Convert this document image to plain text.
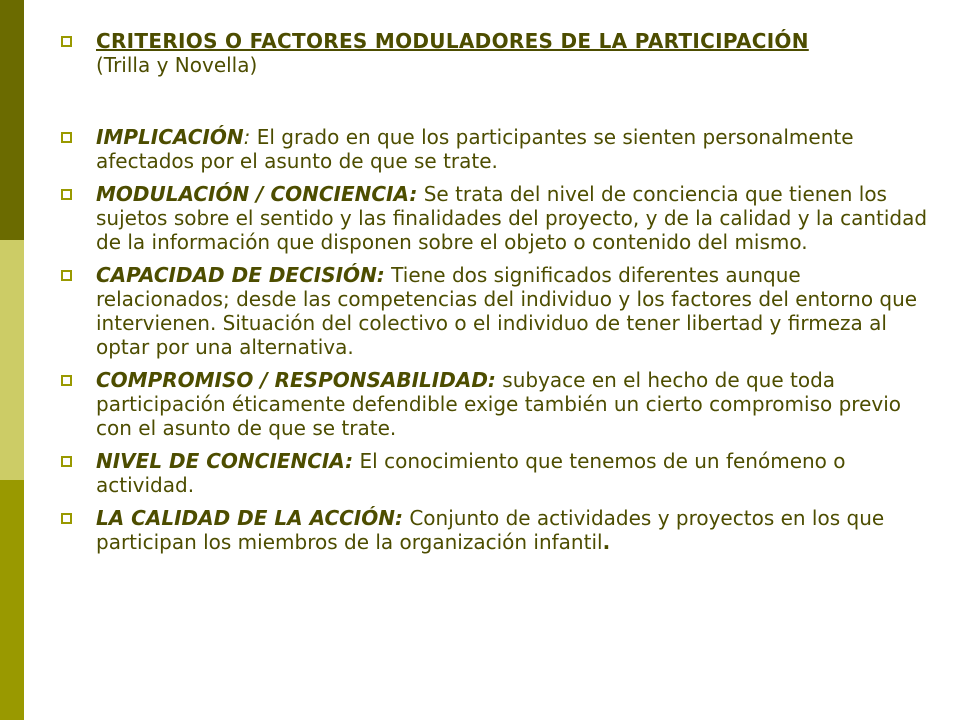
CRITERIOS O FACTORES MODULADORES DE LA PARTICIPACIÓN
(Trilla y Novella)
IMPLICACIÓN: El grado en que los participantes se sienten personalmente afectados por el asunto de que se trate.
MODULACIÓN / CONCIENCIA: Se trata del nivel de conciencia que tienen los sujetos sobre el sentido y las finalidades del proyecto, y de la calidad y la cantidad de la información que disponen sobre el objeto o contenido del mismo.
CAPACIDAD DE DECISIÓN: Tiene dos significados diferentes aunque relacionados; desde las competencias del individuo y los factores del entorno que intervienen. Situación del colectivo o el individuo de tener libertad y firmeza al optar por una alternativa.
COMPROMISO / RESPONSABILIDAD: subyace en el hecho de que toda participación éticamente defendible exige también un cierto compromiso previo con el asunto de que se trate.
NIVEL DE CONCIENCIA: El conocimiento que tenemos de un fenómeno o actividad.
LA CALIDAD DE LA ACCIÓN: Conjunto de actividades y proyectos en los que participan los miembros de la organización infantil.
